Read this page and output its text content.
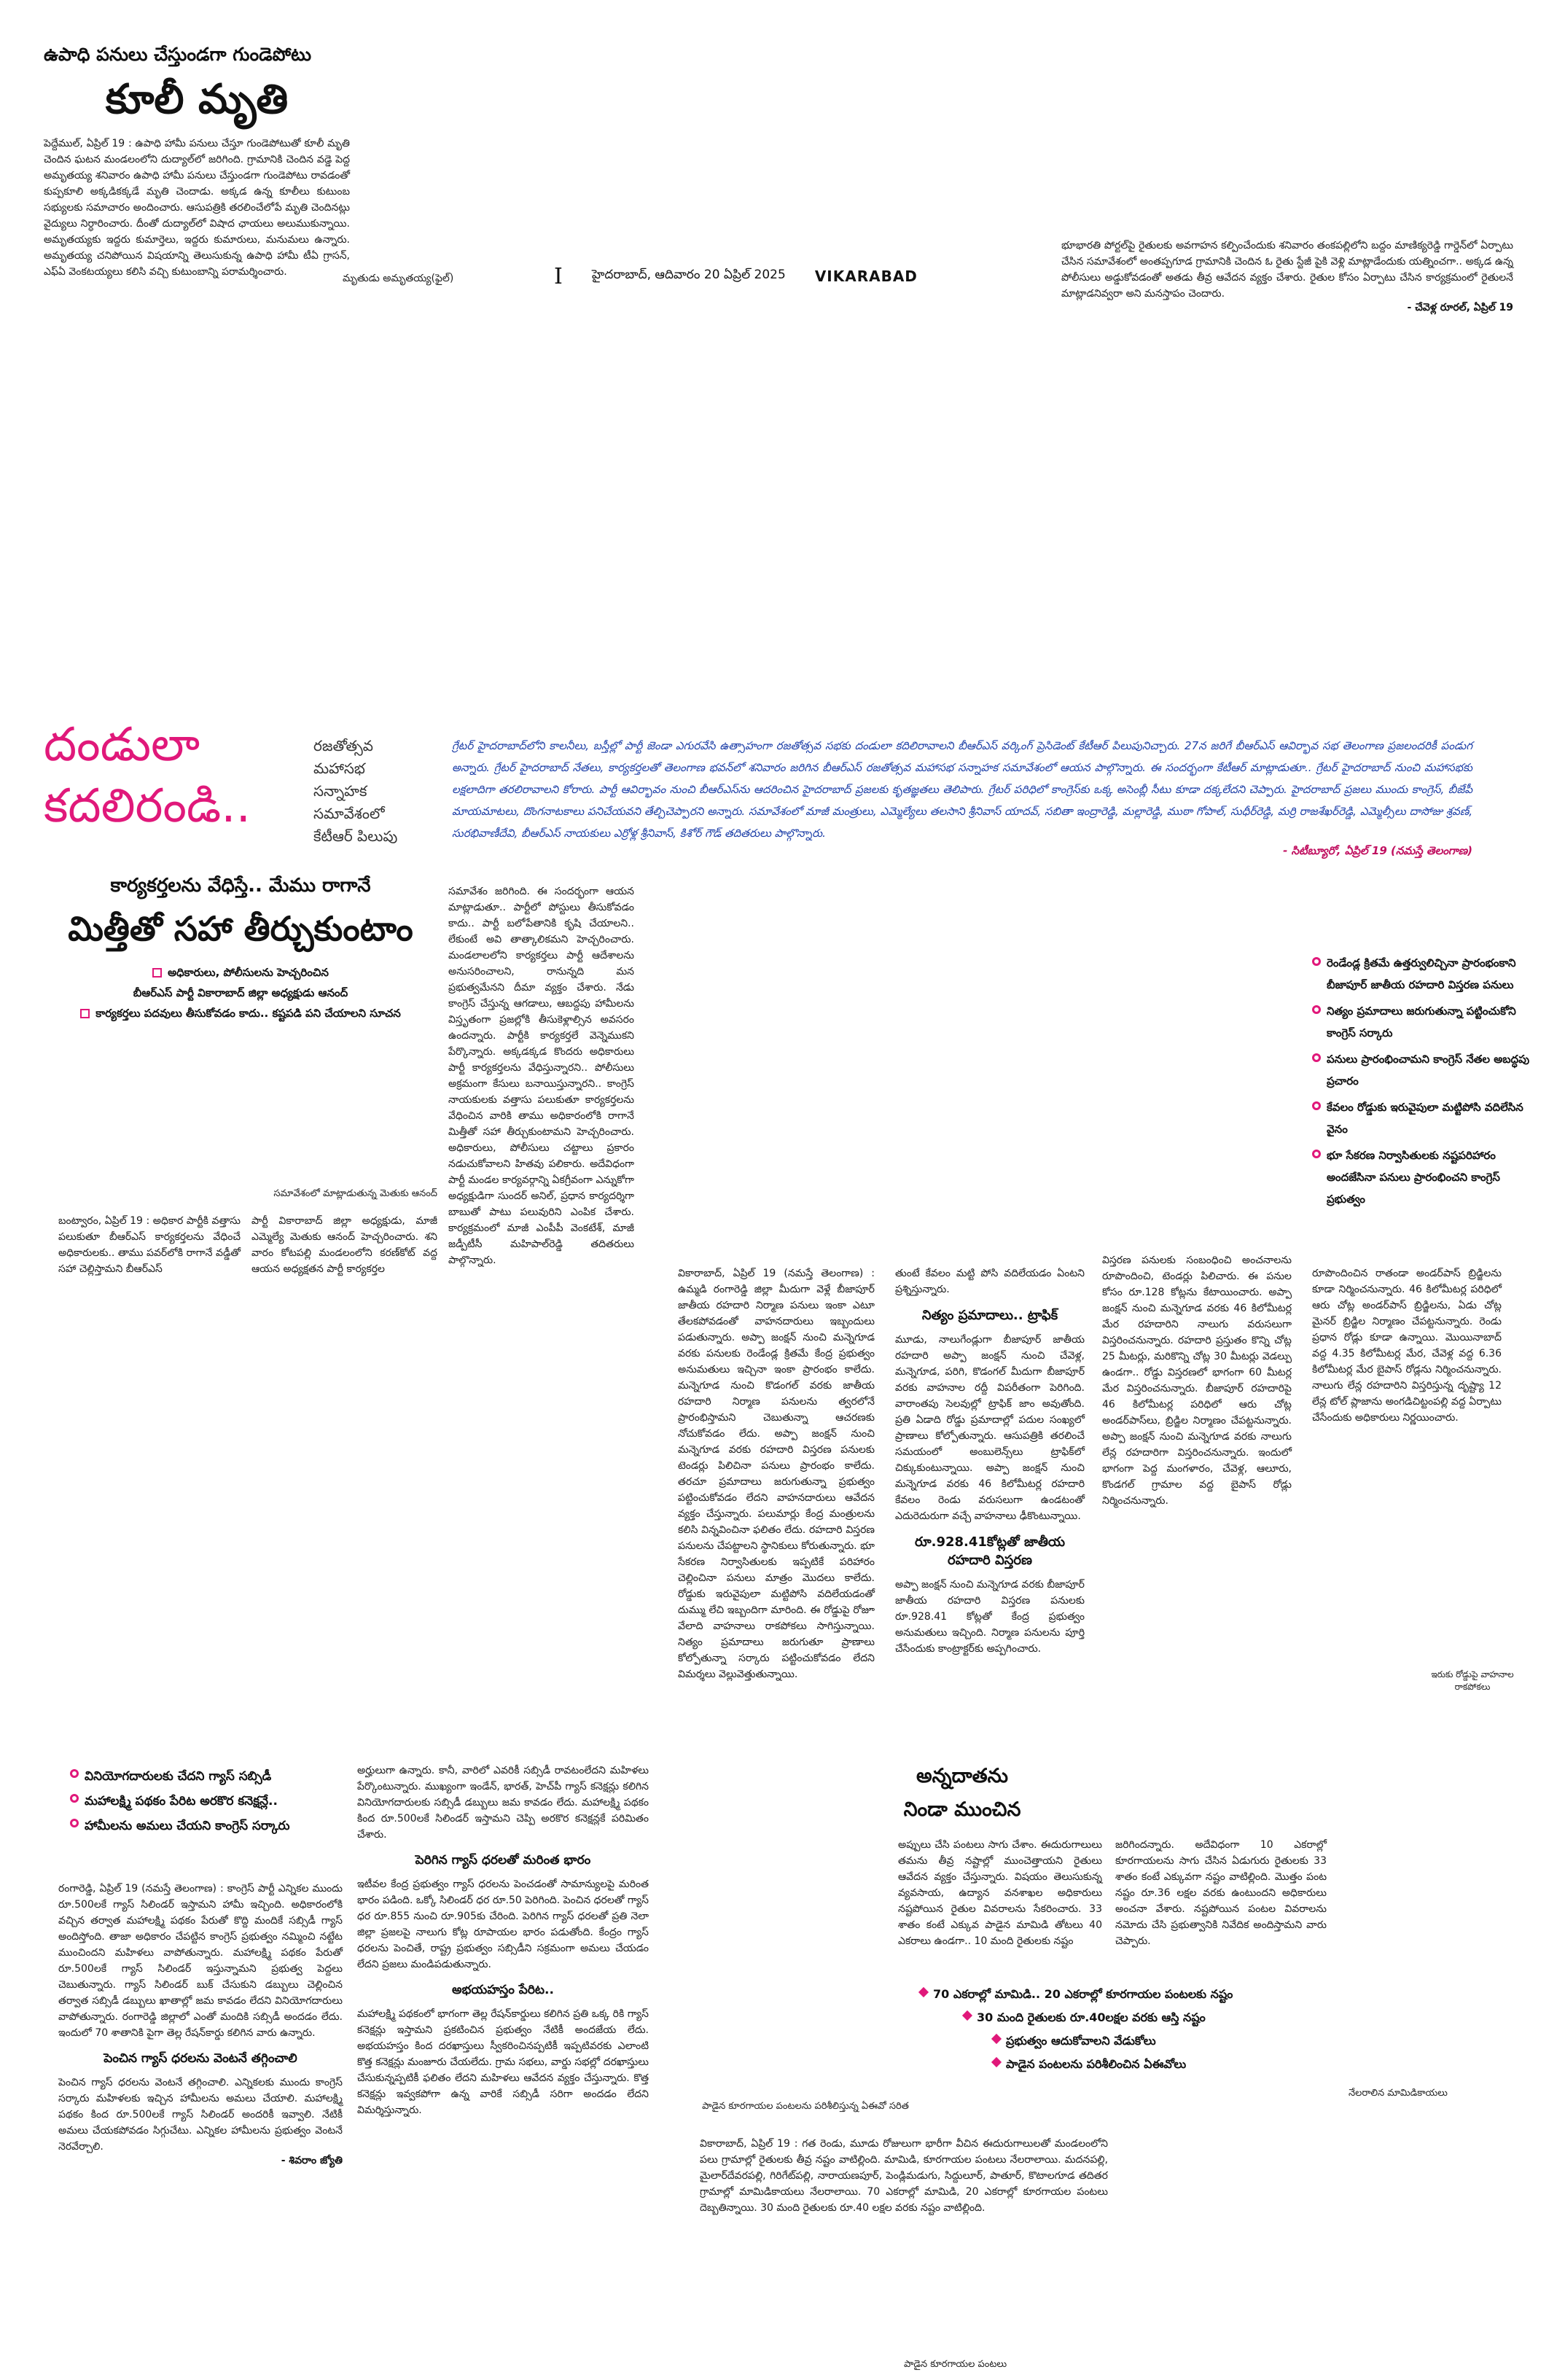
ఉపాధి పనులు చేస్తుండగా గుండెపోటు
కూలీ మృతి
పెద్దేముల్, ఏప్రిల్ 19 : ఉపాధి హామీ పనులు చేస్తూ గుండెపోటుతో కూలీ మృతి చెందిన ఘటన మండలంలోని దుద్యాల్‌లో జరిగింది. గ్రామానికి చెందిన వడ్డె పెద్ద అమృతయ్య శనివారం ఉపాధి హామీ పనులు చేస్తుండగా గుండెపోటు రావడంతో కుప్పకూలి అక్కడికక్కడే మృతి చెందాడు. అక్కడ ఉన్న కూలీలు కుటుంబ సభ్యులకు సమాచారం అందించారు. ఆసుపత్రికి తరలించేలోపే మృతి చెందినట్లు వైద్యులు నిర్ధారించారు. దీంతో దుద్యాల్‌లో విషాద ఛాయలు అలుముకున్నాయి. అమృతయ్యకు ఇద్దరు కుమార్తెలు, ఇద్దరు కుమారులు, మనుమలు ఉన్నారు. అమృతయ్య చనిపోయిన విషయాన్ని తెలుసుకున్న ఉపాధి హామీ టీఏ గ్రాసన్, ఎఫ్‌ఏ వెంకటయ్యలు కలిసి వచ్చి కుటుంబాన్ని పరామర్శించారు.
మృతుడు అమృతయ్య(ఫైల్)	I హైదరాబాద్, ఆదివారం 20 ఏప్రిల్ 2025 VIKARABAD
భూభారతి పోర్టల్‌పై రైతులకు అవగాహన కల్పించేందుకు శనివారం తంకపల్లిలోని బద్దం మాణిక్యరెడ్డి గార్డెన్‌లో ఏర్పాటు చేసిన సమావేశంలో అంతప్పగూడ గ్రామానికి చెందిన ఓ రైతు స్టేజీ పైకి వెళ్లి మాట్లాడేందుకు యత్నించగా.. అక్కడ ఉన్న పోలీసులు అడ్డుకోవడంతో అతడు తీవ్ర ఆవేదన వ్యక్తం చేశారు. రైతుల కోసం ఏర్పాటు చేసిన కార్యక్రమంలో రైతులనే మాట్లాడనివ్వరా అని మనస్తాపం చెందారు.
- చేవెళ్ల రూరల్, ఏప్రిల్ 19
దండులా
కదలిరండి..
రజతోత్సవ
మహాసభ
సన్నాహక
సమావేశంలో
కేటీఆర్ పిలుపు
గ్రేటర్ హైదరాబాద్‌లోని కాలనీలు, బస్తీల్లో పార్టీ జెండా ఎగురవేసి ఉత్సాహంగా రజతోత్సవ సభకు దండులా కదిలిరావాలని బీఆర్‌ఎస్ వర్కింగ్ ప్రెసిడెంట్ కేటీఆర్ పిలుపునిచ్చారు. 27న జరిగే బీఆర్‌ఎస్ ఆవిర్భావ సభ తెలంగాణ ప్రజలందరికీ పండుగ అన్నారు. గ్రేటర్ హైదరాబాద్ నేతలు, కార్యకర్తలతో తెలంగాణ భవన్‌లో శనివారం జరిగిన బీఆర్‌ఎస్ రజతోత్సవ మహాసభ సన్నాహక సమావేశంలో ఆయన పాల్గొన్నారు. ఈ సందర్భంగా కేటీఆర్ మాట్లాడుతూ.. గ్రేటర్ హైదరాబాద్ నుంచి మహాసభకు లక్షలాదిగా తరలిరావాలని కోరారు. పార్టీ ఆవిర్భావం నుంచి బీఆర్‌ఎస్‌ను ఆదరించిన హైదరాబాద్ ప్రజలకు కృతజ్ఞతలు తెలిపారు. గ్రేటర్ పరిధిలో కాంగ్రెస్‌కు ఒక్క అసెంబ్లీ సీటు కూడా దక్కలేదని చెప్పారు. హైదరాబాద్ ప్రజలు ముందు కాంగ్రెస్, బీజేపీ మాయమాటలు, దొంగనాటకాలు పనిచేయవని తేల్చిచెప్పారని అన్నారు. సమావేశంలో మాజీ మంత్రులు, ఎమ్మెల్యేలు తలసాని శ్రీనివాస్ యాదవ్, సబితా ఇంద్రారెడ్డి, మల్లారెడ్డి, ముఠా గోపాల్, సుధీర్‌రెడ్డి, మర్రి రాజశేఖర్‌రెడ్డి, ఎమ్మెల్సీలు దాసోజు శ్రవణ్, సురభివాణీదేవి, బీఆర్‌ఎస్ నాయకులు ఎర్రోళ్ల శ్రీనివాస్, కిశోర్ గౌడ్ తదితరులు పాల్గొన్నారు.
- సిటీబ్యూరో, ఏప్రిల్ 19 (నమస్తే తెలంగాణ)
కార్యకర్తలను వేధిస్తే.. మేము రాగానే
మిత్తీతో సహా తీర్చుకుంటాం
అధికారులు, పోలీసులను హెచ్చరించిన
బీఆర్‌ఎస్ పార్టీ వికారాబాద్ జిల్లా అధ్యక్షుడు ఆనంద్
కార్యకర్తలు పదవులు తీసుకోవడం కాదు.. కష్టపడి పని చేయాలని సూచన
సమావేశంలో మాట్లాడుతున్న మెతుకు ఆనంద్
బంట్వారం, ఏప్రిల్ 19 : అధికార పార్టీకి వత్తాసు పలుకుతూ బీఆర్‌ఎస్ కార్యకర్తలను వేధించే అధికారులకు.. తాము పవర్‌లోకి రాగానే వడ్డీతో సహా చెల్లిస్తామని బీఆర్‌ఎస్
పార్టీ వికారాబాద్ జిల్లా అధ్యక్షుడు, మాజీ ఎమ్మెల్యే మెతుకు ఆనంద్ హెచ్చరించారు. శని వారం కోటపల్లి మండలంలోని కరణ్‌కోట్ వద్ద ఆయన అధ్యక్షతన పార్టీ కార్యకర్తల
సమావేశం జరిగింది. ఈ సందర్భంగా ఆయన మాట్లాడుతూ.. పార్టీలో పోస్టులు తీసుకోవడం కాదు.. పార్టీ బలోపేతానికి కృషి చేయాలని.. లేకుంటే అవి తాత్కాలికమని హెచ్చరించారు. మండలాలలోని కార్యకర్తలు పార్టీ ఆదేశాలను అనుసరించాలని, రానున్నది మన ప్రభుత్వమేనని దీమా వ్యక్తం చేశారు. నేడు కాంగ్రెస్ చేస్తున్న ఆగడాలు, ఆబద్దపు హామీలను విస్తృతంగా ప్రజల్లోకి తీసుకెళ్లాల్సిన అవసరం ఉందన్నారు. పార్టీకి కార్యకర్తలే వెన్నెముకని పేర్కొన్నారు. అక్కడక్కడ కొందరు అధికారులు పార్టీ కార్యకర్తలను వేధిస్తున్నారని.. పోలీసులు అక్రమంగా కేసులు బనాయిస్తున్నారని.. కాంగ్రెస్ నాయకులకు వత్తాసు పలుకుతూ కార్యకర్తలను వేధించిన వారికి తాము అధికారంలోకి రాగానే మిత్తీతో సహా తీర్చుకుంటామని హెచ్చరించారు. అధికారులు, పోలీసులు చట్టాలు ప్రకారం నడుచుకోవాలని హితవు పలికారు. అదేవిధంగా పార్టీ మండల కార్యవర్గాన్ని ఏకగ్రీవంగా ఎన్నుకోగా అధ్యక్షుడిగా సుందర్ అనిల్, ప్రధాన కార్యదర్శిగా బాబుతో పాటు పలువురిని ఎంపిక చేశారు. కార్యక్రమంలో మాజీ ఎంపీపీ వెంకటేశ్, మాజీ జడ్పీటీసీ మహిపాల్‌రెడ్డి తదితరులు పాల్గొన్నారు.
రెండేండ్ల క్రితమే ఉత్తర్వులిచ్చినా ప్రారంభంకాని బీజాపూర్ జాతీయ రహదారి విస్తరణ పనులు
నిత్యం ప్రమాదాలు జరుగుతున్నా పట్టించుకోని కాంగ్రెస్ సర్కారు
పనులు ప్రారంభించామని కాంగ్రెస్ నేతల అబద్ధపు ప్రచారం
కేవలం రోడ్డుకు ఇరువైపులా మట్టిపోసి వదిలేసిన వైనం
భూ సేకరణ నిర్వాసితులకు నష్టపరిహారం అందజేసినా పనులు ప్రారంభించని కాంగ్రెస్ ప్రభుత్వం
వికారాబాద్, ఏప్రిల్ 19 (నమస్తే తెలంగాణ) : ఉమ్మడి రంగారెడ్డి జిల్లా మీదుగా వెళ్లే బీజాపూర్ జాతీయ రహదారి నిర్మాణ పనులు ఇంకా ఎటూ తేలకపోవడంతో వాహనదారులు ఇబ్బందులు పడుతున్నారు. అప్పా జంక్షన్ నుంచి మన్నెగూడ వరకు పనులకు రెండేండ్ల క్రితమే కేంద్ర ప్రభుత్వం అనుమతులు ఇచ్చినా ఇంకా ప్రారంభం కాలేదు. మన్నెగూడ నుంచి కొడంగల్ వరకు జాతీయ రహదారి నిర్మాణ పనులను త్వరలోనే ప్రారంభిస్తామని చెబుతున్నా ఆచరణకు నోచుకోవడం లేదు. అప్పా జంక్షన్ నుంచి మన్నెగూడ వరకు రహదారి విస్తరణ పనులకు టెండర్లు పిలిచినా పనులు ప్రారంభం కాలేదు. తరచూ ప్రమాదాలు జరుగుతున్నా ప్రభుత్వం పట్టించుకోవడం లేదని వాహనదారులు ఆవేదన వ్యక్తం చేస్తున్నారు. పలుమార్లు కేంద్ర మంత్రులను కలిసి విన్నవించినా ఫలితం లేదు. రహదారి విస్తరణ పనులను చేపట్టాలని స్థానికులు కోరుతున్నారు. భూ సేకరణ నిర్వాసితులకు ఇప్పటికే పరిహారం చెల్లించినా పనులు మాత్రం మొదలు కాలేదు. రోడ్డుకు ఇరువైపులా మట్టిపోసి వదిలేయడంతో దుమ్ము లేచి ఇబ్బందిగా మారింది. ఈ రోడ్డుపై రోజూ వేలాది వాహనాలు రాకపోకలు సాగిస్తున్నాయి. నిత్యం ప్రమాదాలు జరుగుతూ ప్రాణాలు కోల్పోతున్నా సర్కారు పట్టించుకోవడం లేదని విమర్శలు వెల్లువెత్తుతున్నాయి.
తుంటే కేవలం మట్టి పోసి వదిలేయడం ఏంటని ప్రశ్నిస్తున్నారు.
నిత్యం ప్రమాదాలు.. ట్రాఫిక్
మూడు, నాలుగేండ్లుగా బీజాపూర్ జాతీయ రహదారి అప్పా జంక్షన్ నుంచి చేవెళ్ల, మన్నెగూడ, పరిగి, కొడంగల్ మీదుగా బీజాపూర్ వరకు వాహనాల రద్దీ విపరీతంగా పెరిగింది. వారాంతపు సెలవుల్లో ట్రాఫిక్ జాం అవుతోంది. ప్రతి ఏడాది రోడ్డు ప్రమాదాల్లో పదుల సంఖ్యలో ప్రాణాలు కోల్పోతున్నారు. ఆసుపత్రికి తరలించే సమయంలో అంబులెన్స్‌లు ట్రాఫిక్‌లో చిక్కుకుంటున్నాయి. అప్పా జంక్షన్ నుంచి మన్నెగూడ వరకు 46 కిలోమీటర్ల రహదారి కేవలం రెండు వరుసలుగా ఉండటంతో ఎదురెదురుగా వచ్చే వాహనాలు ఢీకొంటున్నాయి.
రూ.928.41కోట్లతో జాతీయ రహదారి విస్తరణ
అప్పా జంక్షన్ నుంచి మన్నెగూడ వరకు బీజాపూర్ జాతీయ రహదారి విస్తరణ పనులకు రూ.928.41 కోట్లతో కేంద్ర ప్రభుత్వం అనుమతులు ఇచ్చింది. నిర్మాణ పనులను పూర్తి చేసేందుకు కాంట్రాక్టర్‌కు అప్పగించారు.
విస్తరణ పనులకు సంబంధించి అంచనాలను రూపొందించి, టెండర్లు పిలిచారు. ఈ పనుల కోసం రూ.128 కోట్లను కేటాయించారు. అప్పా జంక్షన్ నుంచి మన్నెగూడ వరకు 46 కిలోమీటర్ల మేర రహదారిని నాలుగు వరుసలుగా విస్తరించనున్నారు. రహదారి ప్రస్తుతం కొన్ని చోట్ల 25 మీటర్లు, మరికొన్ని చోట్ల 30 మీటర్లు వెడల్పు ఉండగా.. రోడ్డు విస్తరణలో భాగంగా 60 మీటర్ల మేర విస్తరించనున్నారు. బీజాపూర్ రహదారిపై 46 కిలోమీటర్ల పరిధిలో ఆరు చోట్ల అండర్‌పాస్‌లు, బ్రిడ్జిల నిర్మాణం చేపట్టనున్నారు. అప్పా జంక్షన్ నుంచి మన్నెగూడ వరకు నాలుగు లేన్ల రహదారిగా విస్తరించనున్నారు. ఇందులో భాగంగా పెద్ద మంగళారం, చేవెళ్ల, ఆలూరు, కొండగల్ గ్రామాల వద్ద బైపాస్ రోడ్లు నిర్మించనున్నారు.
రూపొందించిన రాతండా అండర్‌పాస్ బ్రిడ్జిలను కూడా నిర్మించనున్నారు. 46 కిలోమీటర్ల పరిధిలో ఆరు చోట్ల అండర్‌పాస్ బ్రిడ్జిలను, ఏడు చోట్ల మైనర్ బ్రిడ్జిల నిర్మాణం చేపట్టనున్నారు. రెండు ప్రధాన రోడ్లు కూడా ఉన్నాయి. మొయినాబాద్ వద్ద 4.35 కిలోమీటర్ల మేర, చేవెళ్ల వద్ద 6.36 కిలోమీటర్ల మేర బైపాస్ రోడ్లను నిర్మించనున్నారు. నాలుగు లేన్ల రహదారిని విస్తరిస్తున్న దృష్ట్యా 12 లేన్ల టోల్ ప్లాజాను అంగడిచిట్టంపల్లి వద్ద ఏర్పాటు చేసేందుకు అధికారులు నిర్ణయించారు.
ఇరుకు రోడ్డుపై వాహనాల రాకపోకలు
వినియోగదారులకు చేదని గ్యాస్ సబ్సిడీ
మహాలక్ష్మి పథకం పేరిట అరకొర కనెక్షన్లే..
హామీలను అమలు చేయని కాంగ్రెస్ సర్కారు
రంగారెడ్డి, ఏప్రిల్ 19 (నమస్తే తెలంగాణ) : కాంగ్రెస్ పార్టీ ఎన్నికల ముందు రూ.500లకే గ్యాస్ సిలిండర్ ఇస్తామని హామీ ఇచ్చింది. అధికారంలోకి వచ్చిన తర్వాత మహాలక్ష్మి పథకం పేరుతో కొద్ది మందికే సబ్సిడీ గ్యాస్ అందిస్తోంది. తాజా అధికారం చేపట్టిన కాంగ్రెస్ ప్రభుత్వం నమ్మించి నట్టేట ముంచిందని మహిళలు వాపోతున్నారు. మహాలక్ష్మి పథకం పేరుతో రూ.500లకే గ్యాస్ సిలిండర్ ఇస్తున్నామని ప్రభుత్వ పెద్దలు చెబుతున్నారు. గ్యాస్ సిలిండర్ బుక్ చేసుకుని డబ్బులు చెల్లించిన తర్వాత సబ్సిడీ డబ్బులు ఖాతాల్లో జమ కావడం లేదని వినియోగదారులు వాపోతున్నారు. రంగారెడ్డి జిల్లాలో ఎంతో మందికి సబ్సిడీ అందడం లేదు. ఇందులో 70 శాతానికి పైగా తెల్ల రేషన్‌కార్డు కలిగిన వారు ఉన్నారు.
పెంచిన గ్యాస్ ధరలను వెంటనే తగ్గించాలి
పెంచిన గ్యాస్ ధరలను వెంటనే తగ్గించాలి. ఎన్నికలకు ముందు కాంగ్రెస్ సర్కారు మహిళలకు ఇచ్చిన హామీలను అమలు చేయాలి. మహాలక్ష్మి పథకం కింద రూ.500లకే గ్యాస్ సిలిండర్ అందరికీ ఇవ్వాలి. నేటికీ అమలు చేయకపోవడం సిగ్గుచేటు. ఎన్నికల హామీలను ప్రభుత్వం వెంటనే నెరవేర్చాలి.
- శివరాం జ్యోతి
అర్హులుగా ఉన్నారు. కానీ, వారిలో ఎవరికీ సబ్సిడీ రావటంలేదని మహిళలు పేర్కొంటున్నారు. ముఖ్యంగా ఇండేన్, భారత్, హెచ్‌పీ గ్యాస్ కనెక్షన్లు కలిగిన వినియోగదారులకు సబ్సిడీ డబ్బులు జమ కావడం లేదు. మహాలక్ష్మి పథకం కింద రూ.500లకే సిలిండర్ ఇస్తామని చెప్పి అరకొర కనెక్షన్లకే పరిమితం చేశారు.
పెరిగిన గ్యాస్ ధరలతో మరింత భారం
ఇటీవల కేంద్ర ప్రభుత్వం గ్యాస్ ధరలను పెంచడంతో సామాన్యులపై మరింత భారం పడింది. ఒక్కో సిలిండర్ ధర రూ.50 పెరిగింది. పెంచిన ధరలతో గ్యాస్ ధర రూ.855 నుంచి రూ.905కు చేరింది. పెరిగిన గ్యాస్ ధరలతో ప్రతి నెలా జిల్లా ప్రజలపై నాలుగు కోట్ల రూపాయల భారం పడుతోంది. కేంద్రం గ్యాస్ ధరలను పెంచితే, రాష్ట్ర ప్రభుత్వం సబ్సిడీని సక్రమంగా అమలు చేయడం లేదని ప్రజలు మండిపడుతున్నారు.
అభయహస్తం పేరిట..
మహాలక్ష్మి పథకంలో భాగంగా తెల్ల రేషన్‌కార్డులు కలిగిన ప్రతి ఒక్క రికి గ్యాస్ కనెక్షన్లు ఇస్తామని ప్రకటించిన ప్రభుత్వం నేటికీ అందజేయ లేదు. అభయహస్తం కింద దరఖాస్తులు స్వీకరించినప్పటికీ ఇప్పటివరకు ఎలాంటి కొత్త కనెక్షన్లు మంజూరు చేయలేదు. గ్రామ సభలు, వార్డు సభల్లో దరఖాస్తులు చేసుకున్నప్పటికీ ఫలితం లేదని మహిళలు ఆవేదన వ్యక్తం చేస్తున్నారు. కొత్త కనెక్షన్లు ఇవ్వకపోగా ఉన్న వారికే సబ్సిడీ సరిగా అందడం లేదని విమర్శిస్తున్నారు.
అన్నదాతను
నిండా ముంచిన
అప్పులు చేసి పంటలు సాగు చేశాం. ఈదురుగాలులు తమను తీవ్ర నష్టాల్లో ముంచెత్తాయని రైతులు ఆవేదన వ్యక్తం చేస్తున్నారు. విషయం తెలుసుకున్న వ్యవసాయ, ఉద్యాన వనశాఖల అధికారులు నష్టపోయిన రైతుల వివరాలను సేకరించారు. 33 శాతం కంటే ఎక్కువ పాడైన మామిడి తోటలు 40 ఎకరాలు ఉండగా.. 10 మంది రైతులకు నష్టం
జరిగిందన్నారు. అదేవిధంగా 10 ఎకరాల్లో కూరగాయలను సాగు చేసిన ఏడుగురు రైతులకు 33 శాతం కంటే ఎక్కువగా నష్టం వాటిల్లింది. మొత్తం పంట నష్టం రూ.36 లక్షల వరకు ఉంటుందని అధికారులు అంచనా వేశారు. నష్టపోయిన పంటల వివరాలను నమోదు చేసి ప్రభుత్వానికి నివేదిక అందిస్తామని వారు చెప్పారు.
70 ఎకరాల్లో మామిడి.. 20 ఎకరాల్లో కూరగాయల పంటలకు నష్టం
30 మంది రైతులకు రూ.40లక్షల వరకు ఆస్తి నష్టం
ప్రభుత్వం ఆదుకోవాలని వేడుకోలు
పాడైన పంటలను పరిశీలించిన ఏఈవోలు
పాడైన కూరగాయల పంటలను పరిశీలిస్తున్న ఏఈవో సరిత
నేలరాలిన మామిడికాయలు
వికారాబాద్, ఏప్రిల్ 19 : గత రెండు, మూడు రోజులుగా భారీగా వీచిన ఈదురుగాలులతో మండలంలోని పలు గ్రామాల్లో రైతులకు తీవ్ర నష్టం వాటిల్లింది. మామిడి, కూరగాయల పంటలు నేలరాలాయి. మదనపల్లి, మైలార్‌దేవరపల్లి, గిరిగేట్‌పల్లి, నారాయణపూర్, పెండ్లిమడుగు, సిద్దులూర్, పాతూర్, కొటాలగూడ తదితర గ్రామాల్లో మామిడికాయలు నేలరాలాయి. 70 ఎకరాల్లో మామిడి, 20 ఎకరాల్లో కూరగాయల పంటలు దెబ్బతిన్నాయి. 30 మంది రైతులకు రూ.40 లక్షల వరకు నష్టం వాటిల్లింది.
పాడైన కూరగాయల పంటలు
